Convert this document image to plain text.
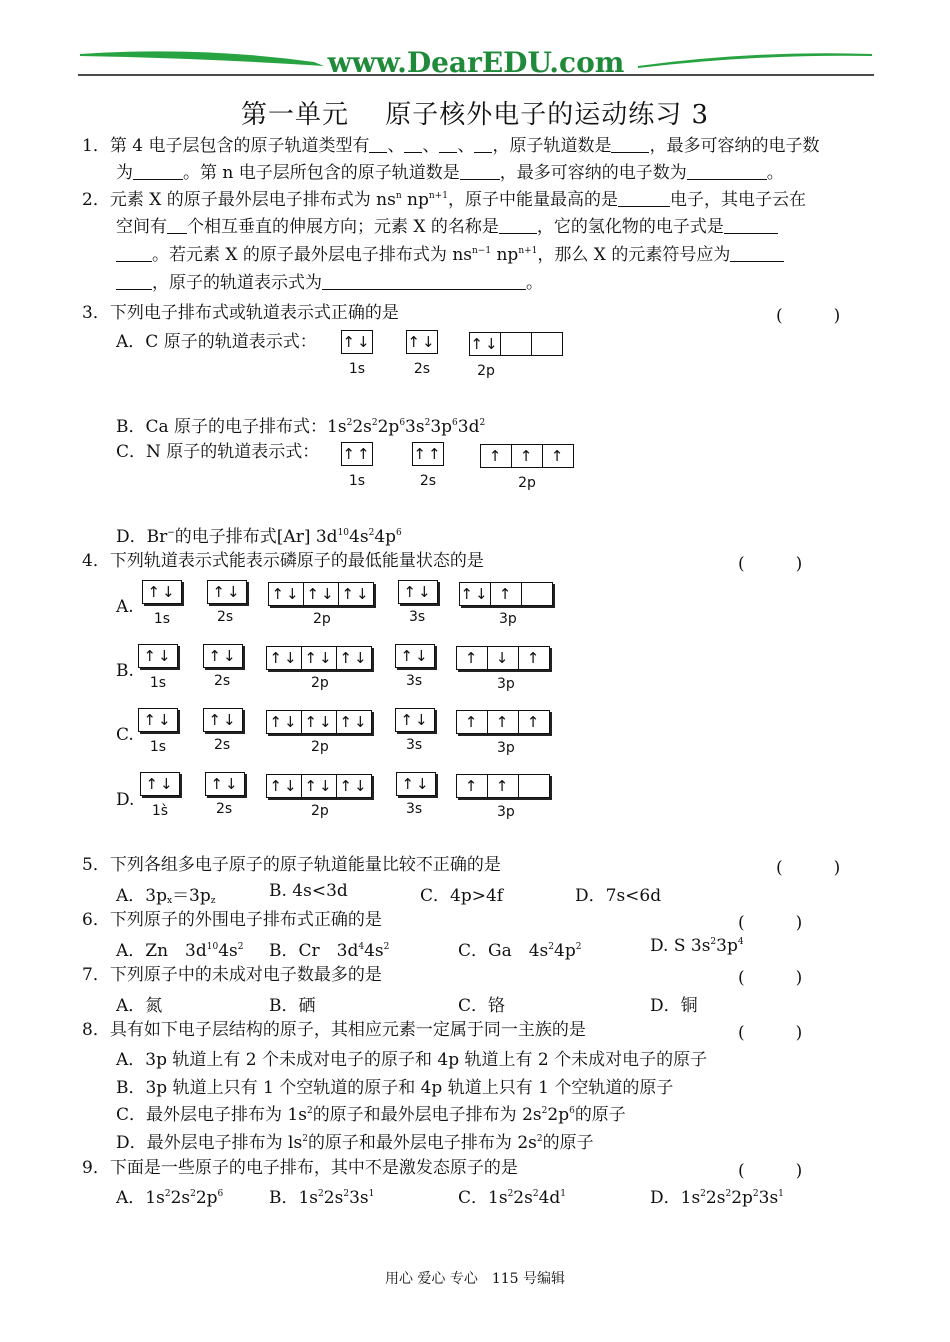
www.DearEDU.com
第一单元　 原子核外电子的运动练习 3
1．第 4 电子层包含的原子轨道类型有 、 、 、 ，原子轨道数是 ，最多可容纳的电子数
为	。第 n 电子层所包含的原子轨道数是 ，最多可容纳的电子数为	。
2．元素 X 的原子最外层电子排布式为 $ns^n$ $np^{n+1}$，原子中能量最高的是	电子，其电子云在
空间有 个相互垂直的伸展方向；元素 X 的名称是 ，它的氢化物的电子式是
。若元素 X 的原子最外层电子排布式为 $ns^{n-1}$ $np^{n+1}$，那么 X 的元素符号应为
，原子的轨道表示式为	。
3．下列电子排布式或轨道表示式正确的是	(　　　)
A．C 原子的轨道表示式： ↑↓
1s
↑↓
2s
↑↓
2p
B．Ca 原子的电子排布式：$1s^22s^22p^63s^23p^63d^2$
C．N 原子的轨道表示式： ↑↑
1s
↑↑
2s
↑	↑	↑
2p
D．Br−的电子排布式[Ar] $3d^{10}4s^24p^6$
4．下列轨道表示式能表示磷原子的最低能量状态的是	(　　　)
A.
↑↓
1s
↑↓ ↑↓ ↑↓ ↑↓ ↑↓ ↑↓ ↑
B.
↑↓
1s
↑↓ ↑↓ ↑↓ ↑↓ ↑↓	↑	↓	↑
C.
↑↓
1s
↑↓ ↑↓ ↑↓ ↑↓ ↑↓	↑	↑	↑
D.
↑↓
1s̀
↑↓ ↑↓ ↑↓ ↑↓ ↑↓	↑	↑
2s	2p	3s	3p
2s	2p	3s	3p
2s	2p	3s	3p
2s	2p	3s	3p
5．下列各组多电子原子的原子轨道能量比较不正确的是	(　　　)
A．$3p_x=3p_z$	B. 4s<3d	C．4p>4f	D．7s<6d
6．下列原子的外围电子排布式正确的是	(　　　)
A．Zn　$3d^{10}4s^2$ B．Cr　$3d^44s^2$	C．Ga　$4s^24p^2$	D. S $3s^23p^4$
7．下列原子中的未成对电子数最多的是	(　　　)
A．氮	B．硒	C．铬	D．铜
8．具有如下电子层结构的原子，其相应元素一定属于同一主族的是	(　　　)
A．3p 轨道上有 2 个未成对电子的原子和 4p 轨道上有 2 个未成对电子的原子
B．3p 轨道上只有 1 个空轨道的原子和 4p 轨道上只有 1 个空轨道的原子
C．最外层电子排布为 $1s^2$的原子和最外层电子排布为 $2s^22p^6$的原子
D．最外层电子排布为 $ls^2$的原子和最外层电子排布为 $2s^2$的原子
9．下面是一些原子的电子排布，其中不是激发态原子的是	(　　　)
A．$1s^22s^22p^6$	B．$1s^22s^23s^1$	C．$1s^22s^24d^1$	D．$1s^22s^22p^23s^1$
用心 爱心 专心　115 号编辑
